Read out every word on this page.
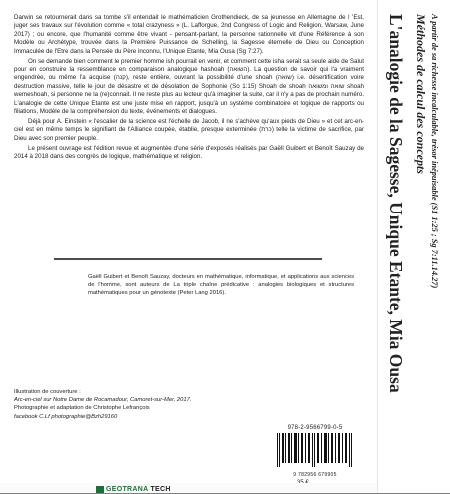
Darwin se retournerait dans sa tombe s'il entendait le mathématicien Grothendieck, de sa jeunesse en Allemagne de l ’Est, juger ses travaux sur l'évolution comme « total crazyness » (L. Lafforgue, 2nd Congress of Logic and Religion, Warsaw, June 2017) ; ou encore, que l'humanité comme être vivant - pensant-parlant, la personne rationnelle vit d'une Référence à son Modèle ou Archétype, trouvée dans la Première Puissance de Schelling, la Sagesse éternelle de Dieu ou Conception Immaculée de l'Etre dans la Pensée du Père inconnu, l'Unique Etante, Mia Ousa (Sg 7:27).

On se demande bien comment le premier homme ish pourrait en venir, et comment cette isha serait sa seule aide de Salut pour en construire la ressemblance en comparaison analogique hashoah (השואה). La question de savoir qui l'a vraiment engendrée, ou même l'a acquise (קנה), reste entière, ouvrant la possibilité d'une shoah (שואה) i.e. désertification voire destruction massive, telle le jour de désastre et de désolation de Sophonie (So 1:15) Shoah de shoah שואה ומשואה shoah wemeshoah, si personne ne la (re)connait. Il ne reste plus au lecteur qu'à imaginer la suite, car il n'y a pas de prochain numéro. L'analogie de cette Unique Etante est une juste mise en rapport, jusqu'à un système combinatoire et logique de rapports ou filiations, Modèle de la compréhension du texte, événements et dialogues.

Déjà pour A. Einstein « l'escalier de la science est l'échelle de Jacob, il ne s'achève qu'aux pieds de Dieu » et cet arc-en-ciel est en même temps le signifiant de l'Alliance coupée, établie, presque exterminée (כרת) telle la victime de sacrifice, par Dieu avec son premier peuple.

Le présent ouvrage est l'édition revue et augmentée d'une série d'exposés réalisés par Gaëll Guibert et Benoît Sauzay de 2014 à 2018 dans des congrès de logique, mathématique et religion.

Gaëll Guibert et Benoît Sauzay, docteurs en mathématique, informatique, et applications aux sciences de l'homme, sont auteurs de La triple chaîne prédicative : analogies biologiques et structures mathématiques pour un génotexte (Peter Lang 2016).
Illustration de couverture :
Arc-en-ciel sur Notre Dame de Rocamadour, Camoret-sur-Mer, 2017.
Photographie et adaptation de Christophe Lefrançois
facebook C.Lf photographie@Bzh29160
978-2-9566799-0-5
9 782956 679905
GEOTRANA TECH
L'analogie de la Sagesse, Unique Etante, Mia Ousa Méthodes de calcul des concepts A partir de sa richesse incalculable, trésor inépuisable (S1 1:25 ; Sg 7:11.14.27)
